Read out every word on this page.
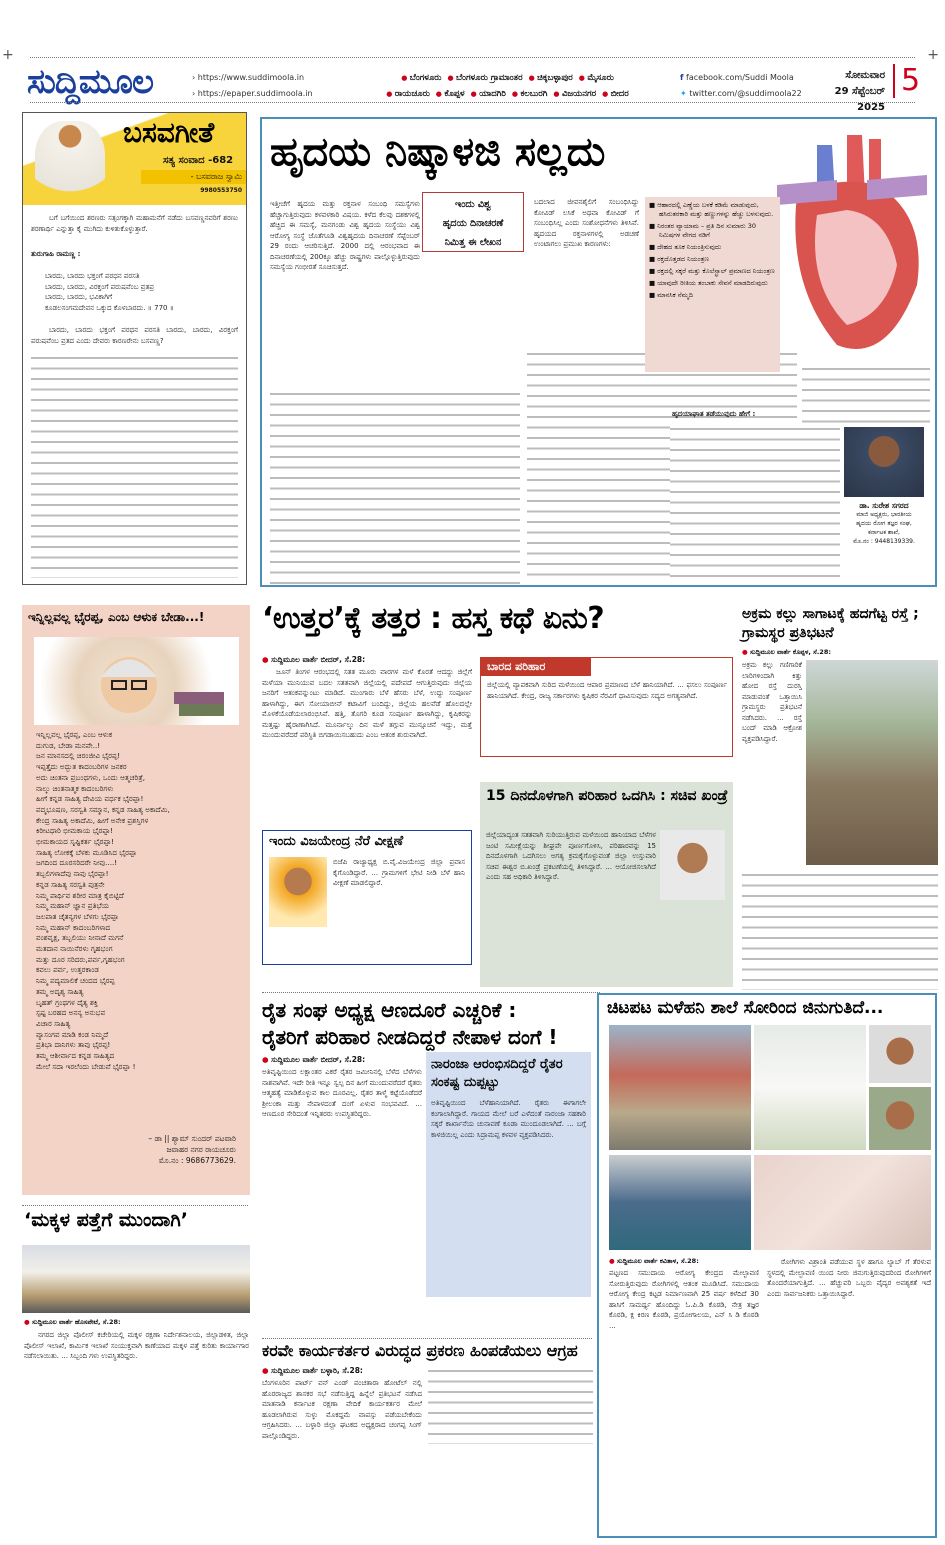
+	+
ಸುದ್ದಿಮೂಲ	› https://www.suddimoola.in
› https://epaper.suddimoola.in
● ಬೆಂಗಳೂರು ● ಬೆಂಗಳೂರು ಗ್ರಾಮಾಂತರ ● ಚಿಕ್ಕಬಳ್ಳಾಪುರ ● ಮೈಸೂರು
● ರಾಯಚೂರು ● ಕೊಪ್ಪಳ ● ಯಾದಗಿರಿ ● ಕಲಬುರಗಿ ● ವಿಜಯನಗರ ● ಬೀದರ
f facebook.com/Suddi Moola
✦ twitter.com/@suddimoola22
ಸೋಮವಾರ
29 ಸೆಪ್ಟೆಂಬರ್ 2025
5
ಬಸವಗೀತೆ
ಸತ್ಯ ಸಂವಾದ -682
- ಬಸವರಾಜ ಸ್ವಾಮಿ
9980553750
ಬಗೆ ಬಗೆಯಿಂದ ಶರಣರು ಸತ್ಸಂಗಕ್ಕಾಗಿ ಮಹಾಮನೆಗೆ ನಡೆದು ಬಸವಣ್ಣನವರಿಗೆ ಶರಣು ಶರಣಾರ್ಥಿ ಎನ್ನುತ್ತಾ ಕೈ ಮುಗಿದು ಕುಳಿತುಕೊಳ್ಳುತ್ತಾರೆ.
ತುರುಗಾಹಿ ರಾಮಣ್ಣ :
ಬಾರದು, ಬಾರದು ಭಕ್ತಂಗೆ ಪರಧನ ಪರಸತಿ
ಬಾರದು, ಬಾರದು, ವಿರಕ್ತಂಗೆ ಪರುಷವೆಂಬ ವ್ರತಪ್ರ
ಬಾರದು, ಬಾರದು, ಭವಿಕಾಗಿಗೆ
ಕೂಡಲಸಂಗಮದೇವನ ಒಕ್ಕುದ ಕೊಳಬಾರದು. ॥ 770 ॥
ಬಾರದು, ಬಾರದು ಭಕ್ತಂಗೆ ಪರಧನ ಪರಸತಿ ಬಾರದು, ಬಾರದು, ವಿರಕ್ತಂಗೆ ಪರುಷವೆಂಬ ವ್ರತದ ಎಂದು ದೇವರು ಕಾರಣರೇನು ಬಸವಣ್ಣ?
ಹೃದಯ ನಿಷ್ಕಾಳಜಿ ಸಲ್ಲದು
ಇಂದು ವಿಶ್ವ
ಹೃದಯ ದಿನಾಚರಣೆ
ನಿಮಿತ್ತ ಈ ಲೇಖನ
ಇತ್ತೀಚೆಗೆ ಹೃದಯ ಮತ್ತು ರಕ್ತನಾಳ ಸಂಬಂಧಿ ಸಮಸ್ಯೆಗಳು ಹೆಚ್ಚಾಗುತ್ತಿರುವುದು ಕಳವಳಕಾರಿ ವಿಷಯ. ಕಳೆದ ಕೆಲವು ದಶಕಗಳಲ್ಲಿ ಹೆಚ್ಚಿದ ಈ ಸಮಸ್ಯೆ, ಮನಗಂಡು ವಿಶ್ವ ಹೃದಯ ಸಂಸ್ಥೆಯು ವಿಶ್ವ ಆರೋಗ್ಯ ಸಂಸ್ಥೆ ಜೊತೆಗೂಡಿ ವಿಶ್ವಹೃದಯ ದಿನಾಚರಣೆ ಸೆಪ್ಟೆಂಬರ್ 29 ರಂದು ಆಚರಿಸುತ್ತಿದೆ. 2000 ದಲ್ಲಿ ಆರಂಭವಾದ ಈ ದಿನಾಚರಣೆಯಲ್ಲಿ 200ಕ್ಕೂ ಹೆಚ್ಚು ರಾಷ್ಟ್ರಗಳು ಪಾಲ್ಗೊಳ್ಳುತ್ತಿರುವುದು ಸಮಸ್ಯೆಯ ಗಂಭೀರತೆ ಸೂಚಿಸುತ್ತದೆ.
ಬದಲಾದ ಜೀವನಶೈಲಿಗೆ ಸಂಬಂಧಿಸಿದ್ದು ಕೋವಿಡ್ ಲಸಿಕೆ ಅಥವಾ ಕೋವಿಡ್ ಗೆ ಸಂಬಂಧಿಸಿಲ್ಲ ಎಂದು ಸಂಶೋಧನೆಗಳು ತಿಳಿಸಿವೆ. ಹೃದಯದ ರಕ್ತನಾಳಗಳಲ್ಲಿ ಅಡಚಣೆ ಉಂಟಾಗಲು ಪ್ರಮುಖ ಕಾರಣಗಳು:
■ ಆಹಾರದಲ್ಲಿ ಎಣ್ಣೆಯ ಬಳಕೆ ಕಡಿಮೆ ಮಾಡುವುದು, ಹಸಿರುತರಕಾರಿ ಮತ್ತು ಹಣ್ಣುಗಳನ್ನು ಹೆಚ್ಚು ಬಳಸುವುದು.
■ ನಿರಂತರ ವ್ಯಾಯಾಮ – ಪ್ರತಿ ದಿನ ಸುಮಾರು 30 ನಿಮಿಷಗಳ ವೇಗದ ನಡಿಗೆ
■ ದೇಹದ ತೂಕ ನಿಯಂತ್ರಿಸುವುದು
■ ರಕ್ತದೊತ್ತಡದ ನಿಯಂತ್ರಣ
■ ರಕ್ತದಲ್ಲಿ ಸಕ್ಕರೆ ಮತ್ತು ಕೊಲೆಸ್ಟ್ರಾಲ್ ಪ್ರಮಾಣದ ನಿಯಂತ್ರಣ
■ ಯಾವುದೇ ರೀತಿಯ ತಂಬಾಕು ಸೇವನೆ ಮಾಡದಿರುವುದು
■ ಮಾನಸಿಕ ನೆಮ್ಮದಿ
ಹೃದಯಾಘಾತ ತಡೆಯುವುದು ಹೇಗೆ :
ಡಾ. ಸುರೇಶ ಸಗರದ
ಮಾಜಿ ಅಧ್ಯಕ್ಷರು, ಭಾರತೀಯ
ಹೃದಯ ರೋಗ ತಜ್ಞರ ಸಂಘ,
ಕರ್ನಾಟಕ ಶಾಖೆ,
ಮೊ.ನಂ : 9448139339.
ಇನ್ನಿಲ್ಲವಲ್ಲ ಭೈರಪ್ಪ, ಎಂಬ ಆಳುಕ ಬೇಡಾ...!
ಇನ್ನಿಲ್ಲವಲ್ಲ ಭೈರಪ್ಪ, ಎಂಬ ಆಳುಕ
ದುಗುಡ, ಬೇಡಾ ಮನವೇ..!
ಜನ ಮಾನಸದಲ್ಲಿ ಚಿರಂಜೀವಿ ಭೈರಪ್ಪ!
ಇಪ್ಪತ್ತೈದು ಅದ್ಭುತ ಕಾದಂಬರಿಗಳ ಜನಕರ
ಅದು ಚಿಂತನಾ ಪ್ರಬಂಧಗಳು, ಒಂದು ಆತ್ಮಚರಿತ್ರೆ,
ನಾಲ್ಕು ಚಿಂತನಾತ್ಮಕ ಕಾದಂಬರಿಗಳು
ಹೀಗೆ ಕನ್ನಡ ಸಾಹಿತ್ಯ ದೇವಿಯ ವರ್ಧಕ ಭೈರಪ್ಪಾ!
ಪದ್ಮಭೂಷಣ, ಸರಸ್ವತಿ ಸಮ್ಮಾನ, ಕನ್ನಡ ಸಾಹಿತ್ಯ ಅಕಾದೆಮಿ,
ಕೇಂದ್ರ ಸಾಹಿತ್ಯ ಅಕಾದೆಮಿ, ಹೀಗೆ ಅನೇಕ ಪ್ರಶಸ್ತಿಗಳ
ಕಿರೀಟಧಾರಿ ಭೀಮಕಾಯ ಭೈರಪ್ಪಾ!
ಭೀಮಕಾಯದ ಸೃಷ್ಟಿಕರ್ತ ಭೈರಪ್ಪಾ!
ಸಾಹಿತ್ಯ ಲೋಕಕ್ಕೆ ಬೆಳಕು ಮೂಡಿಸಿದ ಭೈರಪ್ಪಾ
ಜಗದಿಂದ ದೂರಸರಿದರೇ ನೀವು....!
ತಬ್ಬಲಿಗಳಾದೆವು ನಾವು ಭೈರಪ್ಪಾ!
ಕನ್ನಡ ಸಾಹಿತ್ಯ ಸರಸ್ವತಿ ಪುತ್ರನೇ
ನಿಮ್ಮ ಪಾರ್ಥಿವ ಶರೀರ ಮಾತ್ರ ಕೈಬಿಟ್ಟಿದೆ
ನಿಮ್ಮ ಮಹಾನ್ ಜ್ಞಾನ ಪ್ರತಿಭೆಯ
ಜಲಪಾತ ಚೈತನ್ಯಗಳ ಬೆಳಗು ಭೈರಪ್ಪಾ
ನಿಮ್ಮ ಮಹಾನ್ ಕಾದಂಬರಿಗಳಾದ
ವಂಶವೃಕ್ಷ, ತಬ್ಬಲಿಯು ನೀನಾದೆ ಮಗನೆ
ಮತದಾನ ನಾಯಿನೆರಳು ಗೃಹಭಂಗ
ಮತ್ತು ದೂರ ಸರಿದರು,ಪರ್ವ,ಗೃಹಭಂಗ
ಕವಲು ಪರ್ವ, ಉತ್ತರಕಾಂಡ
ನಿಮ್ಮ ಪದ್ಯಮಾಲಿಕೆ ಚಂದದ ಭೈರಪ್ಪ
ತಮ್ಮ ಅದೃಶ್ಯ ಸಾಹಿತ್ಯ
ಬೃಹತ್ ಗ್ರಂಥಗಳ ದೈತ್ಯ ಶಕ್ತಿ
ಸ್ಪಷ್ಟ ಬರಹದ ಅನನ್ಯ ಅನುಭವ
ವಿಚಾರ ಸಾಹಿತ್ಯ
ವ್ಯಾಸಂಗವ ಮಾಡಿ ಕಂಡ ನಿಮ್ಮದೆ
ಪ್ರತಿಭಾ ದಾನಿಗಳು ತಾವು ಭೈರಪ್ಪ!
ತಮ್ಮ ಆಶೀರ್ವಾದ ಕನ್ನಡ ಸಾಹಿತ್ಯದ
ಮೇಲೆ ಸದಾ ಇರಲೆಂದು ಬೇಡುವೆ ಭೈರಪ್ಪಾ !
– ಡಾ || ಶ್ಯಾಮ್ ಸುಂದರ್ ಪಟವಾರಿ
ಜವಾಹರ ನಗರ ರಾಯಚೂರು
ಮೊ.ನಂ : 9686773629.
‘ಉತ್ತರ’ಕ್ಕೆ ತತ್ತರ : ಹಸ್ತ ಕಥೆ ಏನು?
● ಸುದ್ದಿಮೂಲ ವಾರ್ತೆ ಬೀದರ್, ಸೆ.28:
ಜೂನ್ ತಿಂಗಳ ಆರಂಭದಲ್ಲಿ ಸತತ ಮೂರು ವಾರಗಳ ಮಳೆ ಕೊರತೆ ಆದದ್ದು ಜಿಲ್ಲೆಗೆ ಮಳೆಯಾ ಮುನಿಯುವ ಬದಲ ಸತತವಾಗಿ ಜಿಲ್ಲೆಯಲ್ಲಿ ಪದೇಪದೆ ಆಗುತ್ತಿರುವುದು ಜಿಲ್ಲೆಯ ಜನರಿಗೆ ಆತಂಕವನ್ನುಂಟು ಮಾಡಿದೆ. ಮುಂಗಾರು ಬೆಳೆ ಹೆಸರು ಬೆಳೆ, ಉದ್ದು ಸಂಪೂರ್ಣ ಹಾಳಾಗಿದ್ದು, ಈಗ ಸೋಯಾಬೀನ್ ಕಟಾವಿಗೆ ಬಂದಿದ್ದು, ಜಿಲ್ಲೆಯ ಹಲವೆಡೆ ಹೊಲದಲ್ಲೇ ಮೊಳಕೆಯೊಡೆಯಲಾರಂಭಿಸಿವೆ. ಹತ್ತಿ, ತೊಗರಿ ಕೂಡ ಸಂಪೂರ್ಣ ಹಾಳಾಗಿದ್ದು, ಕೃಷಿಕರನ್ನು ಮತ್ತಷ್ಟು ಹೈರಾಣಾಗಿಸಿದೆ. ಮೂರ್ನಾಲ್ಕು ದಿನ ಮಳೆ ತಗ್ಗುವ ಮುನ್ಸೂಚನೆ ಇದ್ದು, ಮತ್ತೆ ಮುಂದುವರೆದರೆ ಪರಿಸ್ಥಿತಿ ಬಿಗಡಾಯಿಸಬಹುದು ಎಂಬ ಆತಂಕ ಶುರುವಾಗಿದೆ.
ಬಾರದ ಪರಿಹಾರ
ಜಿಲ್ಲೆಯಲ್ಲಿ ವ್ಯಾಪಕವಾಗಿ ಸುರಿದ ಮಳೆಯಿಂದ ಆಪಾರ ಪ್ರಮಾಣದ ಬೆಳೆ ಹಾನಿಯಾಗಿದೆ. ... ಫಸಲು ಸಂಪೂರ್ಣ ಹಾನಿಯಾಗಿದೆ. ಕೇಂದ್ರ, ರಾಜ್ಯ ಸರ್ಕಾರಗಳು ಕೃಷಿಕರ ನೆರವಿಗೆ ಧಾವಿಸುವುದು ಸದ್ಯದ ಅಗತ್ಯವಾಗಿದೆ.
15 ದಿನದೊಳಗಾಗಿ ಪರಿಹಾರ ಒದಗಿಸಿ : ಸಚಿವ ಖಂಡ್ರೆ
ಜಿಲ್ಲೆಯಾದ್ಯಂತ ಸತತವಾಗಿ ಸುರಿಯುತ್ತಿರುವ ಮಳೆಯಿಂದ ಹಾನಿಯಾದ ಬೆಳೆಗಳ ಜಂಟಿ ಸಮೀಕ್ಷೆಯನ್ನು ಶೀಘ್ರವೇ ಪೂರ್ಣಗೊಳಿಸಿ, ಪರಿಹಾರವನ್ನು 15 ದಿನದೊಳಗಾಗಿ ಒದಗಿಸಲು ಅಗತ್ಯ ಕ್ರಮಕೈಗೊಳ್ಳುವಂತೆ ಜಿಲ್ಲಾ ಉಸ್ತುವಾರಿ ಸಚಿವ ಈಶ್ವರ ಬಿ.ಖಂಡ್ರೆ ಪ್ರಕಟಣೆಯಲ್ಲಿ ತಿಳಿಸಿದ್ದಾರೆ. ... ಆಯೋಜಿಸಲಾಗಿದೆ ಎಂದು ಸಹ ಅಧಿಕಾರಿ ತಿಳಿಸಿದ್ದಾರೆ.
ಇಂದು ವಿಜಯೇಂದ್ರ ನೆರೆ ವೀಕ್ಷಣೆ
ಬಿಜೆಪಿ ರಾಜ್ಯಾಧ್ಯಕ್ಷ ಬಿ.ವೈ.ವಿಜಯೇಂದ್ರ ಜಿಲ್ಲಾ ಪ್ರವಾಸ ಕೈಗೊಂಡಿದ್ದಾರೆ. ... ಗ್ರಾಮಗಳಿಗೆ ಭೇಟಿ ನೀಡಿ ಬೆಳೆ ಹಾನಿ ವೀಕ್ಷಣೆ ಮಾಡಲಿದ್ದಾರೆ.
ಅಕ್ರಮ ಕಲ್ಲು ಸಾಗಾಟಕ್ಕೆ ಹದಗೆಟ್ಟ ರಸ್ತೆ ; ಗ್ರಾಮಸ್ಥರ ಪ್ರತಿಭಟನೆ
● ಸುದ್ದಿಮೂಲ ವಾರ್ತೆ ಕೊಪ್ಪಳ, ಸೆ.28:
ಅಕ್ರಮ ಕಲ್ಲು ಗಣಿಗಾರಿಕೆ ಲಾರಿಗಳಿಂದಾಗಿ ಕಿತ್ತು ಹೋದ ರಸ್ತೆ ದುರಸ್ತಿ ಮಾಡುವಂತೆ ಒತ್ತಾಯಿಸಿ ಗ್ರಾಮಸ್ಥರು ಪ್ರತಿಭಟನೆ ನಡೆಸಿದರು. ... ರಸ್ತೆ ಬಂದ್ ಮಾಡಿ ಆಕ್ರೋಶ ವ್ಯಕ್ತಪಡಿಸಿದ್ದಾರೆ.
ರೈತ ಸಂಘ ಅಧ್ಯಕ್ಷ ಆಣದೂರೆ ಎಚ್ಚರಿಕೆ :
ರೈತರಿಗೆ ಪರಿಹಾರ ನೀಡದಿದ್ದರೆ ನೇಪಾಳ ದಂಗೆ !
● ಸುದ್ದಿಮೂಲ ವಾರ್ತೆ ಬೀದರ್, ಸೆ.28:
ಅತಿವೃಷ್ಟಿಯಿಂದ ಲಕ್ಷಾಂತರ ಎಕರೆ ರೈತರ ಜಮೀನಿನಲ್ಲಿ ಬೆಳೆದ ಬೆಳೆಗಳು ನಾಶವಾಗಿವೆ. ಇದೇ ರೀತಿ ಇನ್ನೂ ಸ್ವಲ್ಪ ದಿನ ಹೀಗೆ ಮುಂದುವರೆದರೆ ರೈತರು ಆತ್ಮಹತ್ಯೆ ಮಾಡಿಕೊಳ್ಳುವ ಕಾಲ ದೂರವಿಲ್ಲ. ರೈತರ ತಾಳ್ಮೆ ಕಟ್ಟೆಯೊಡೆದರೆ ಶ್ರೀಲಂಕಾ ಮತ್ತು ನೇಪಾಳದಂತೆ ದಂಗೆ ಏಳುವ ಸಂಭವವಿದೆ. ... ಆಣದೂರ ಸೇರಿದಂತೆ ಇನ್ನಿತರರು ಉಪಸ್ಥಿತರಿದ್ದರು.
ನಾರಂಜಾ ಆರಂಭಿಸದಿದ್ದರೆ ರೈತರ ಸಂಕಷ್ಟ ದುಪ್ಪಟ್ಟು
ಅತಿವೃಷ್ಟಿಯಿಂದ ಬೆಳೆಹಾನಿಯಾಗಿದೆ. ರೈತರು ಈಗಾಗಲೇ ಕಂಗಾಲಾಗಿದ್ದಾರೆ. ಗಾಯದ ಮೇಲೆ ಬರೆ ಎಳೆದಂತೆ ನಾರಂಜಾ ಸಹಕಾರಿ ಸಕ್ಕರೆ ಕಾರ್ಖಾನೆಯ ಚುನಾವಣೆ ಕೂಡಾ ಮುಂದೂಡಲಾಗಿದೆ. ... ಬಗ್ಗೆ ಕಾಳಜಿಯಿಲ್ಲ ಎಂದು ಸಿದ್ರಾಮಪ್ಪ ಕಳವಳ ವ್ಯಕ್ತಪಡಿಸಿದರು.
ಚಿಟಪಟ ಮಳೆಹನಿ ಶಾಲೆ ಸೋರಿಂದ ಜಿನುಗುತಿದೆ...
● ಸುದ್ದಿಮೂಲ ವಾರ್ತೆ ಕವಿತಾಳ, ಸೆ.28:
ಪಟ್ಟಣದ ಸಮುದಾಯ ಆರೋಗ್ಯ ಕೇಂದ್ರದ ಮೇಲ್ಛಾವಣಿ ಸೋರುತ್ತಿರುವುದು ರೋಗಿಗಳಲ್ಲಿ ಆತಂಕ ಮೂಡಿಸಿದೆ. ಸಮುದಾಯ ಆರೋಗ್ಯ ಕೇಂದ್ರ ಕಟ್ಟಡ ನಿರ್ಮಾಣವಾಗಿ 25 ವರ್ಷ ಕಳೆದಿದೆ 30 ಹಾಸಿಗೆ ಸಾಮರ್ಥ್ಯ ಹೊಂದಿದ್ದು ಓ.ಪಿ.ಡಿ ಕೊಠಡಿ, ನೇತ್ರ ತಜ್ಞರ ಕೊಠಡಿ, ಕ್ಷ ಕಿರಣ ಕೊಠಡಿ, ಪ್ರಯೋಗಾಲಯ, ಎನ್ ಸಿ ಡಿ ಕೊಠಡಿ ...
ರೋಗಿಗಳು ವಿಶ್ರಾಂತಿ ಪಡೆಯುವ ಸ್ಥಳ ಹಾಗೂ ಲ್ಯಾಬ್ ಗೆ ತೆರಳುವ ಸ್ಥಳದಲ್ಲಿ ಮೇಲ್ಛಾವಣಿ ಯಿಂದ ನೀರು ಜಿನುಗುತ್ತಿರುವುದರಿಂದ ರೋಗಿಗಳಿಗೆ ತೊಂದರೆಯಾಗುತ್ತಿದೆ. ... ಹೆಚ್ಚುವರಿ ಒಬ್ಬರು ವೈದ್ಯರ ಅವಶ್ಯಕತೆ ಇದೆ ಎಂದು ಸಾರ್ವಜನಿಕರು ಒತ್ತಾಯಿಸಿದ್ದಾರೆ.
‘ಮಕ್ಕಳ ಪತ್ತೆಗೆ ಮುಂದಾಗಿ’
● ಸುದ್ದಿಮೂಲ ವಾರ್ತೆ ಹೊಸಪೇಟೆ, ಸೆ.28:
ನಗರದ ಜಿಲ್ಲಾ ಪೊಲೀಸ್ ಕಚೇರಿಯಲ್ಲಿ ಮಕ್ಕಳ ರಕ್ಷಣಾ ನಿರ್ದೇಶನಾಲಯ, ಜಿಲ್ಲಾಡಳಿತ, ಜಿಲ್ಲಾ ಪೊಲೀಸ್ ಇಲಾಖೆ, ಕಾರ್ಮಿಕ ಇಲಾಖೆ ಸಂಯುಕ್ತವಾಗಿ ಕಾಣೆಯಾದ ಮಕ್ಕಳ ಪತ್ತೆ ಕುರಿತು ಕಾರ್ಯಾಗಾರ ನಡೆಸಲಾಯಿತು. ... ಸಿಬ್ಬಂದಿ ಗಳು ಉಪಸ್ಥಿತರಿದ್ದರು.	ಕರವೇ ಕಾರ್ಯಕರ್ತರ ವಿರುದ್ಧದ ಪ್ರಕರಣ ಹಿಂಪಡೆಯಲು ಆಗ್ರಹ
● ಸುದ್ದಿಮೂಲ ವಾರ್ತೆ ಬಳ್ಳಾರಿ, ಸೆ.28:
ಬೆಂಗಳೂರಿನ ಪಾರ್ಟ್ ವನ್ ಎಂಡ್ ಪಂಚತಾರಾ ಹೋಟೆಲ್ ನಲ್ಲಿ ಹೊರರಾಜ್ಯದ ಶಾಸಕರ ಸಭೆ ನಡೆಸುತ್ತಿದ್ದ ಹಿನ್ನೆಲೆ ಪ್ರತಿಭಟನೆ ನಡೆಸಿದ ಮಾತನಾಡಿ ಕರ್ನಾಟಕ ರಕ್ಷಣಾ ವೇದಿಕೆ ಕಾರ್ಯಕರ್ತರ ಮೇಲೆ ಹೂಡಲಾಗಿರುವ ಸುಳ್ಳು ಮೊಕದ್ದಮೆ ವಾಪಸ್ಸು ಪಡೆಯಬೇಕೆಂದು ಆಗ್ರಹಿಸಿದರು. ... ಬಳ್ಳಾರಿ ಜಿಲ್ಲಾ ಘಟಕದ ಅಧ್ಯಕ್ಷರಾದ ಚಂಗಪ್ಪ ಸಿಂಗ್ ಪಾಲ್ಗೊಂಡಿದ್ದರು.
